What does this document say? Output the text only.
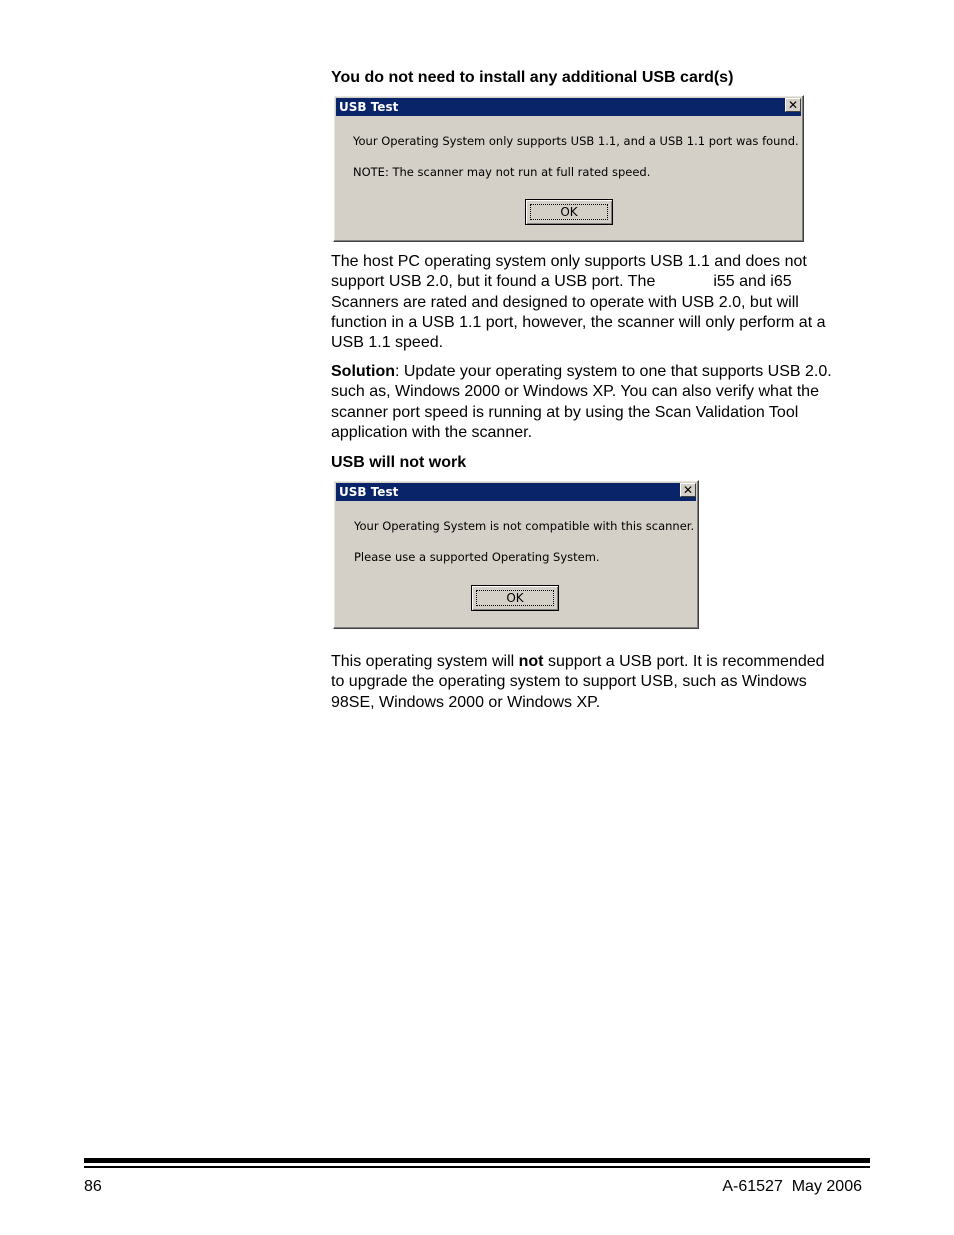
You do not need to install any additional USB card(s)
USB Test	✕
Your Operating System only supports USB 1.1, and a USB 1.1 port was found.
NOTE: The scanner may not run at full rated speed.
OK
The host PC operating system only supports USB 1.1 and does not
support USB 2.0, but it found a USB port. The	i55 and i65
Scanners are rated and designed to operate with USB 2.0, but will
function in a USB 1.1 port, however, the scanner will only perform at a
USB 1.1 speed.
Solution: Update your operating system to one that supports USB 2.0.
such as, Windows 2000 or Windows XP. You can also verify what the
scanner port speed is running at by using the Scan Validation Tool
application with the scanner.
USB will not work
USB Test	✕
Your Operating System is not compatible with this scanner.
Please use a supported Operating System.
OK
This operating system will not support a USB port. It is recommended
to upgrade the operating system to support USB, such as Windows
98SE, Windows 2000 or Windows XP.
86	A-61527  May 2006
